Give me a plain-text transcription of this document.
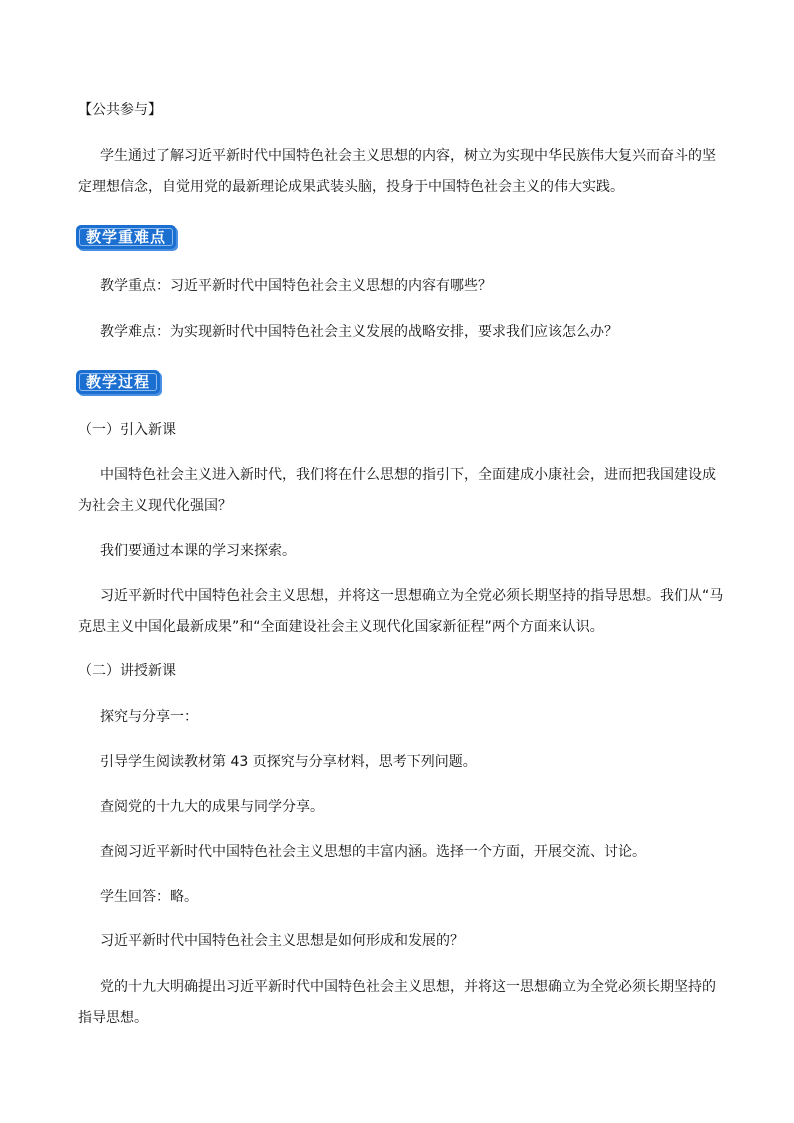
【公共参与】
学生通过了解习近平新时代中国特色社会主义思想的内容，树立为实现中华民族伟大复兴而奋斗的坚
定理想信念，自觉用党的最新理论成果武装头脑，投身于中国特色社会主义的伟大实践。
教学重难点
教学重点：习近平新时代中国特色社会主义思想的内容有哪些？
教学难点：为实现新时代中国特色社会主义发展的战略安排，要求我们应该怎么办？
教学过程
（一）引入新课
中国特色社会主义进入新时代，我们将在什么思想的指引下，全面建成小康社会，进而把我国建设成
为社会主义现代化强国？
我们要通过本课的学习来探索。
习近平新时代中国特色社会主义思想，并将这一思想确立为全党必须长期坚持的指导思想。我们从“马
克思主义中国化最新成果”和“全面建设社会主义现代化国家新征程”两个方面来认识。
（二）讲授新课
探究与分享一：
引导学生阅读教材第 43 页探究与分享材料，思考下列问题。
查阅党的十九大的成果与同学分享。
查阅习近平新时代中国特色社会主义思想的丰富内涵。选择一个方面，开展交流、讨论。
学生回答：略。
习近平新时代中国特色社会主义思想是如何形成和发展的？
党的十九大明确提出习近平新时代中国特色社会主义思想，并将这一思想确立为全党必须长期坚持的
指导思想。
